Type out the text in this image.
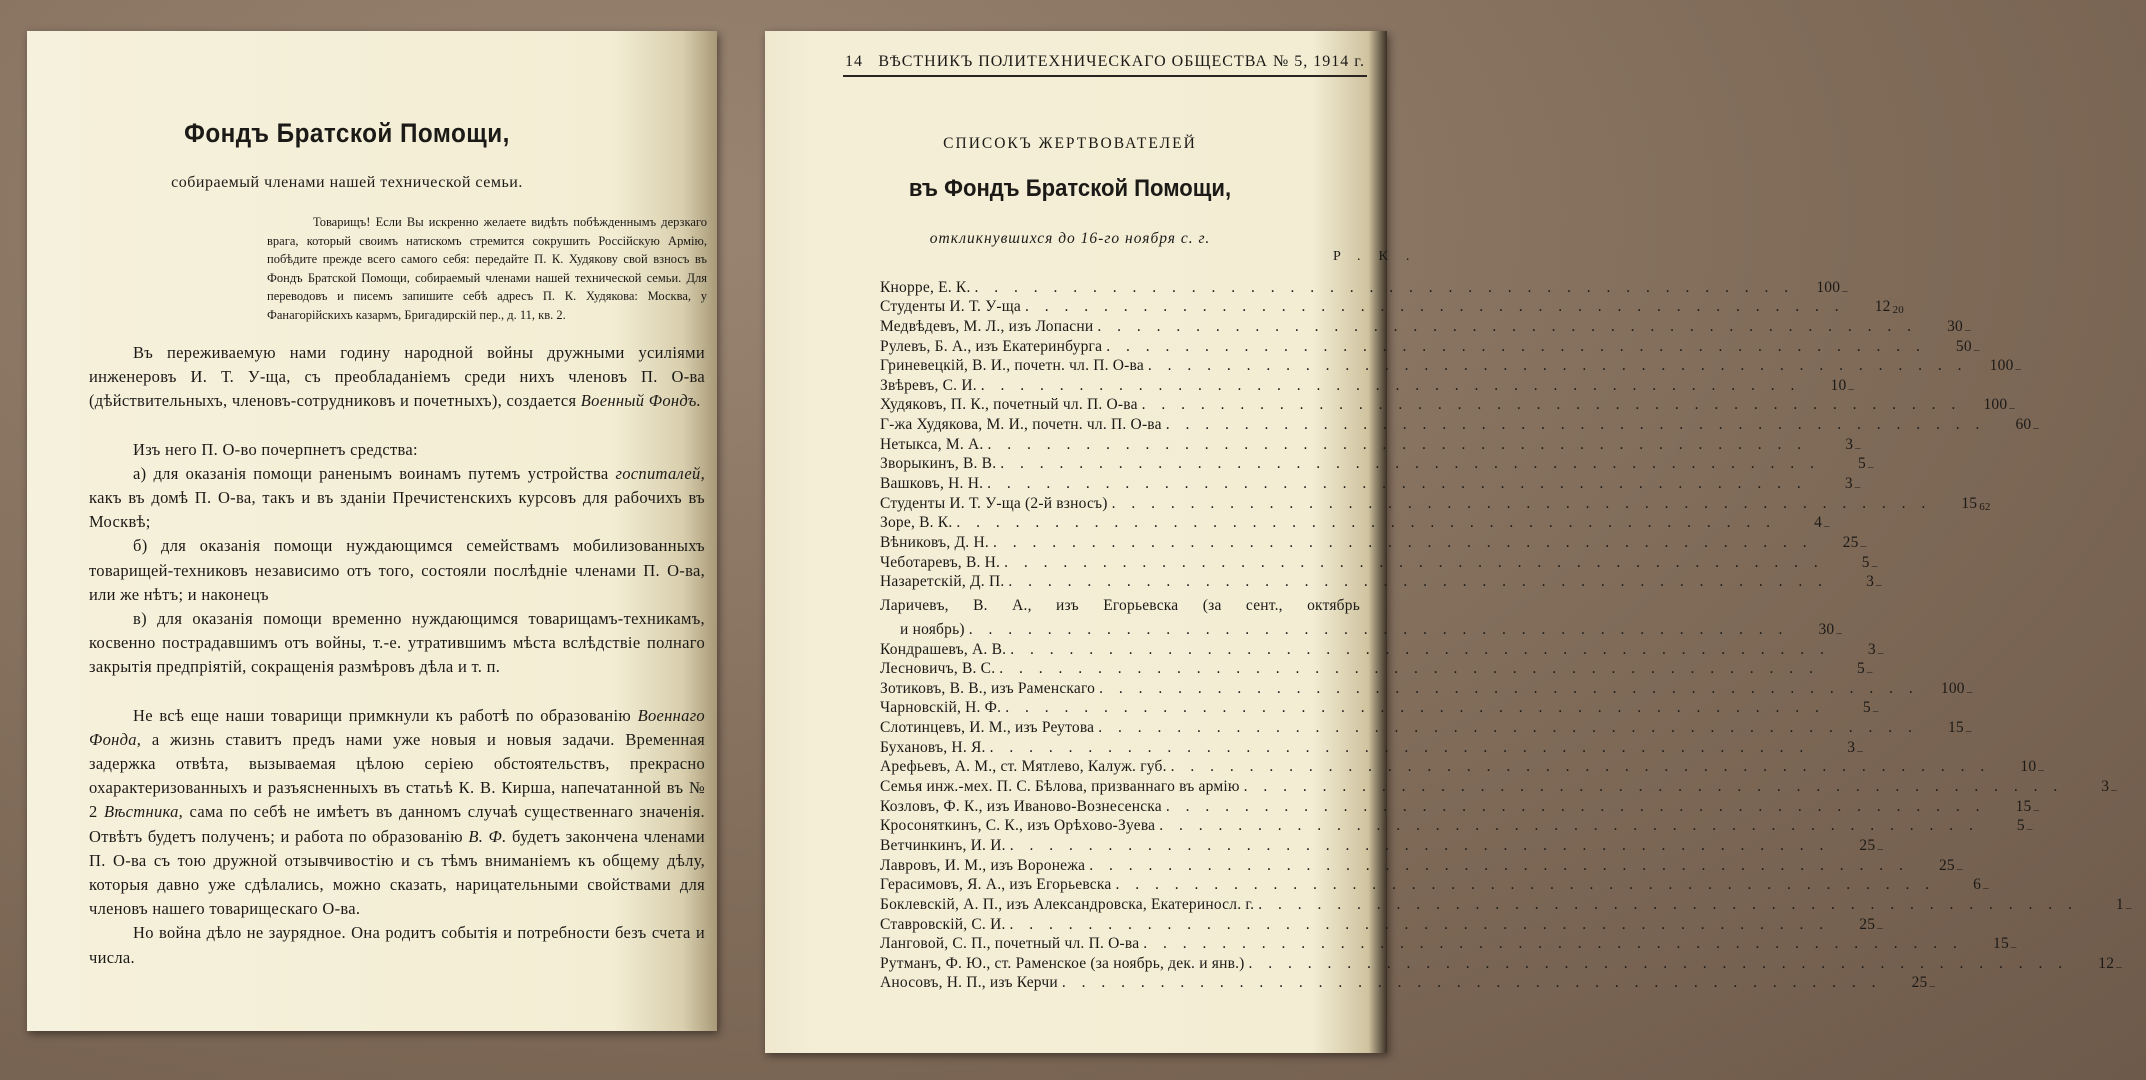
Фондъ Братской Помощи,
собираемый членами нашей технической семьи.

Товарищъ! Если Вы искренно желаете видѣть побѣжденнымъ дерзкаго врага, который своимъ натискомъ стремится сокрушить Россійскую Армію, побѣдите прежде всего самого себя: передайте П. К. Худякову свой взносъ въ Фондъ Братской Помощи, собираемый членами нашей технической семьи. Для переводовъ и писемъ запишите себѣ адресъ П. К. Худякова: Москва, у Фанагорійскихъ казармъ, Бригадирскій пер., д. 11, кв. 2.

Въ переживаемую нами годину народной войны дружными усиліями инженеровъ И. Т. У-ща, съ преобладаніемъ среди нихъ членовъ П. О-ва (дѣйствительныхъ, членовъ-сотрудниковъ и почетныхъ), создается Военный Фондъ.

Изъ него П. О-во почерпнетъ средства:

а) для оказанія помощи раненымъ воинамъ путемъ устройства госпиталей, какъ въ домѣ П. О-ва, такъ и въ зданіи Пречистенскихъ курсовъ для рабочихъ въ Москвѣ;

б) для оказанія помощи нуждающимся семействамъ мобилизованныхъ товарищей-техниковъ независимо отъ того, состояли послѣдніе членами П. О-ва, или же нѣтъ; и наконецъ

в) для оказанія помощи временно нуждающимся товарищамъ-техникамъ, косвенно пострадавшимъ отъ войны, т.-е. утратившимъ мѣста вслѣдствіе полнаго закрытія предпріятій, сокращенія размѣровъ дѣла и т. п.

Не всѣ еще наши товарищи примкнули къ работѣ по образованію Военнаго Фонда, а жизнь ставитъ предъ нами уже новыя и новыя задачи. Временная задержка отвѣта, вызываемая цѣлою серіею обстоятельствъ, прекрасно охарактеризованныхъ и разъясненныхъ въ статьѣ К. В. Кирша, напечатанной въ № 2 Вѣстника, сама по себѣ не имѣетъ въ данномъ случаѣ существеннаго значенія. Отвѣтъ будетъ полученъ; и работа по образованію В. Ф. будетъ закончена членами П. О-ва съ тою дружной отзывчивостію и съ тѣмъ вниманіемъ къ общему дѣлу, которыя давно уже сдѣлались, можно сказать, нарицательными свойствами для членовъ нашего товарищескаго О-ва.

Но война дѣло не заурядное. Она родитъ событія и потребности безъ счета и числа.

14 ВѢСТНИКЪ ПОЛИТЕХНИЧЕСКАГО ОБЩЕСТВА № 5, 1914 г.
СПИСОКЪ ЖЕРТВОВАТЕЛЕЙ
въ Фондъ Братской Помощи,
откликнувшихся до 16-го ноября с. г.
Р.К.
Кнорре, Е. К. . . . . . . . . . . . . . . . . . . . . . . . . . . . . . . . . . . . . . . . . . .	100 –
Студенты И. Т. У-ща . . . . . . . . . . . . . . . . . . . . . . . . . . . . . . . . . . . . . . . . . .	12 20
Медвѣдевъ, М. Л., изъ Лопасни . . . . . . . . . . . . . . . . . . . . . . . . . . . . . . . . . . . . . . . . . .	30 –
Рулевъ, Б. А., изъ Екатеринбурга . . . . . . . . . . . . . . . . . . . . . . . . . . . . . . . . . . . . . . . . . .	50 –
Гриневецкій, В. И., почетн. чл. П. О-ва . . . . . . . . . . . . . . . . . . . . . . . . . . . . . . . . . . . . . . . . . .	100 –
Звѣревъ, С. И. . . . . . . . . . . . . . . . . . . . . . . . . . . . . . . . . . . . . . . . . . .	10 –
Худяковъ, П. К., почетный чл. П. О-ва . . . . . . . . . . . . . . . . . . . . . . . . . . . . . . . . . . . . . . . . . .	100 –
Г-жа Худякова, М. И., почетн. чл. П. О-ва . . . . . . . . . . . . . . . . . . . . . . . . . . . . . . . . . . . . . . . . . .	60 –
Нетыкса, М. А. . . . . . . . . . . . . . . . . . . . . . . . . . . . . . . . . . . . . . . . . . .	3 –
Зворыкинъ, В. В. . . . . . . . . . . . . . . . . . . . . . . . . . . . . . . . . . . . . . . . . . .	5 –
Вашковъ, Н. Н. . . . . . . . . . . . . . . . . . . . . . . . . . . . . . . . . . . . . . . . . . .	3 –
Студенты И. Т. У-ща (2-й взносъ) . . . . . . . . . . . . . . . . . . . . . . . . . . . . . . . . . . . . . . . . . .	15 62
Зоре, В. К. . . . . . . . . . . . . . . . . . . . . . . . . . . . . . . . . . . . . . . . . . .	4 –
Вѣниковъ, Д. Н. . . . . . . . . . . . . . . . . . . . . . . . . . . . . . . . . . . . . . . . . . .	25 –
Чеботаревъ, В. Н. . . . . . . . . . . . . . . . . . . . . . . . . . . . . . . . . . . . . . . . . . .	5 –
Назаретскій, Д. П. . . . . . . . . . . . . . . . . . . . . . . . . . . . . . . . . . . . . . . . . . .	3 –
Ларичевъ, В. А., изъ Егорьевска (за сент., октябрь
и ноябрь) . . . . . . . . . . . . . . . . . . . . . . . . . . . . . . . . . . . . . . . . . .	30 –
Кондрашевъ, А. В. . . . . . . . . . . . . . . . . . . . . . . . . . . . . . . . . . . . . . . . . . .	3 –
Лесновичъ, В. С. . . . . . . . . . . . . . . . . . . . . . . . . . . . . . . . . . . . . . . . . . .	5 –
Зотиковъ, В. В., изъ Раменскаго . . . . . . . . . . . . . . . . . . . . . . . . . . . . . . . . . . . . . . . . . .	100 –
Чарновскій, Н. Ф. . . . . . . . . . . . . . . . . . . . . . . . . . . . . . . . . . . . . . . . . . .	5 –
Слотинцевъ, И. М., изъ Реутова . . . . . . . . . . . . . . . . . . . . . . . . . . . . . . . . . . . . . . . . . .	15 –
Бухановъ, Н. Я. . . . . . . . . . . . . . . . . . . . . . . . . . . . . . . . . . . . . . . . . . .	3 –
Арефьевъ, А. М., ст. Мятлево, Калуж. губ. . . . . . . . . . . . . . . . . . . . . . . . . . . . . . . . . . . . . . . . . . .	10 –
Семья инж.-мех. П. С. Бѣлова, призваннаго въ армію . . . . . . . . . . . . . . . . . . . . . . . . . . . . . . . . . . . . . . . . . .	3 –
Козловъ, Ф. К., изъ Иваново-Вознесенска . . . . . . . . . . . . . . . . . . . . . . . . . . . . . . . . . . . . . . . . . .	15 –
Кросоняткинъ, С. К., изъ Орѣхово-Зуева . . . . . . . . . . . . . . . . . . . . . . . . . . . . . . . . . . . . . . . . . .	5 –
Ветчинкинъ, И. И. . . . . . . . . . . . . . . . . . . . . . . . . . . . . . . . . . . . . . . . . . .	25 –
Лавровъ, И. М., изъ Воронежа . . . . . . . . . . . . . . . . . . . . . . . . . . . . . . . . . . . . . . . . . .	25 –
Герасимовъ, Я. А., изъ Егорьевска . . . . . . . . . . . . . . . . . . . . . . . . . . . . . . . . . . . . . . . . . .	6 –
Боклевскій, А. П., изъ Александровска, Екатериносл. г. . . . . . . . . . . . . . . . . . . . . . . . . . . . . . . . . . . . . . . . . . .	1 –
Ставровскій, С. И. . . . . . . . . . . . . . . . . . . . . . . . . . . . . . . . . . . . . . . . . . .	25 –
Ланговой, С. П., почетный чл. П. О-ва . . . . . . . . . . . . . . . . . . . . . . . . . . . . . . . . . . . . . . . . . .	15 –
Рутманъ, Ф. Ю., ст. Раменское (за ноябрь, дек. и янв.) . . . . . . . . . . . . . . . . . . . . . . . . . . . . . . . . . . . . . . . . . .	12 –
Аносовъ, Н. П., изъ Керчи . . . . . . . . . . . . . . . . . . . . . . . . . . . . . . . . . . . . . . . . . .	25 –
